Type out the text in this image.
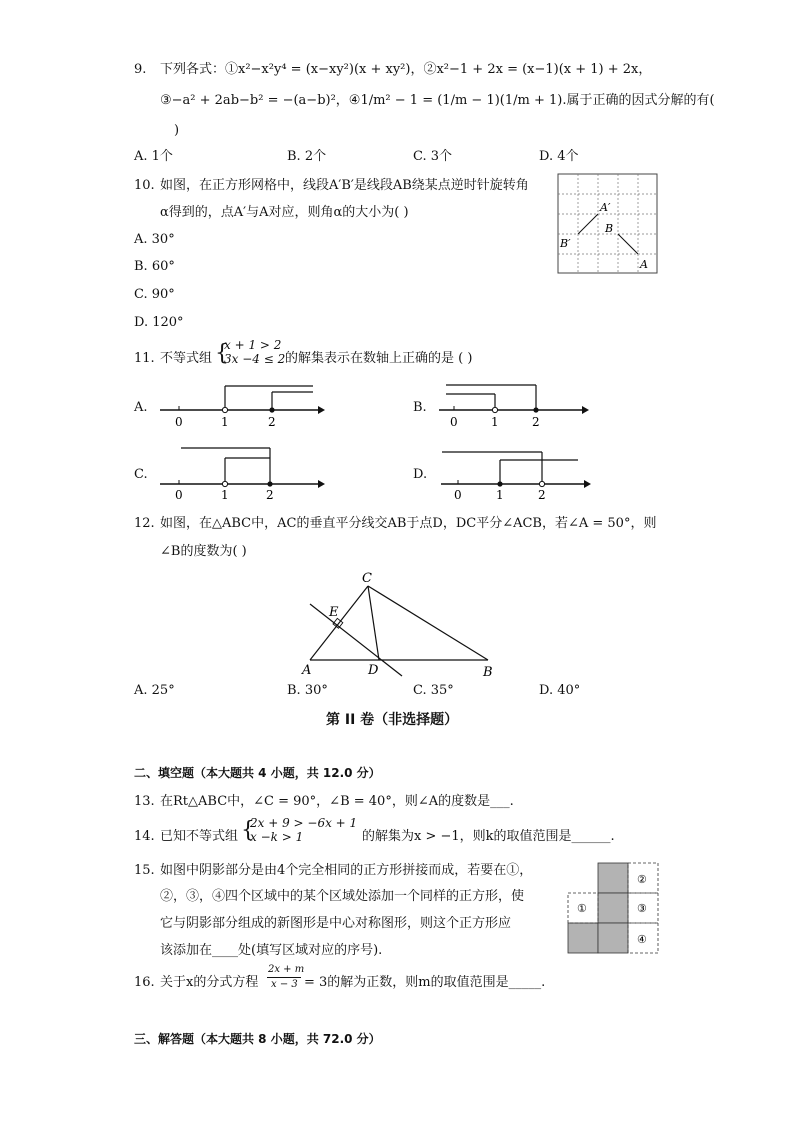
9. 下列各式：①x²−x²y⁴ = (x−xy²)(x + xy²)，②x²−1 + 2x = (x−1)(x + 1) + 2x，
③−a² + 2ab−b² = −(a−b)²，④1/m² − 1 = (1/m − 1)(1/m + 1).属于正确的因式分解的有(
)
A. 1个	B. 2个	C. 3个	D. 4个
10. 如图，在正方形网格中，线段A′B′是线段AB绕某点逆时针旋转角
α得到的，点A′与A对应，则角α的大小为( )
A. 30°
B. 60°
C. 90°
D. 120°
A′
B
B′
A
11. 不等式组 {
x + 1 > 2
3x −4 ≤ 2 的解集表示在数轴上正确的是 ( )
A.
0	1	2
B.
0	1	2
C.
0	1	2
D.
0	1	2
12. 如图，在△ABC中，AC的垂直平分线交AB于点D，DC平分∠ACB，若∠A = 50°，则
∠B的度数为( )
C
E
A	D	B
A. 25°	B. 30°	C. 35°	D. 40°
第 II 卷（非选择题）
二、填空题（本大题共 4 小题，共 12.0 分）
13. 在Rt△ABC中，∠C = 90°，∠B = 40°，则∠A的度数是___.
14. 已知不等式组 {
2x + 9 > −6x + 1
x −k > 1	的解集为x > −1，则k的取值范围是______.
15. 如图中阴影部分是由4个完全相同的正方形拼接而成，若要在①，
②，③，④四个区域中的某个区域处添加一个同样的正方形，使
它与阴影部分组成的新图形是中心对称图形，则这个正方形应
该添加在____处(填写区域对应的序号).
①
②
③
④
16. 关于x的分式方程
2x + m
x − 3 = 3的解为正数，则m的取值范围是_____.
三、解答题（本大题共 8 小题，共 72.0 分）
